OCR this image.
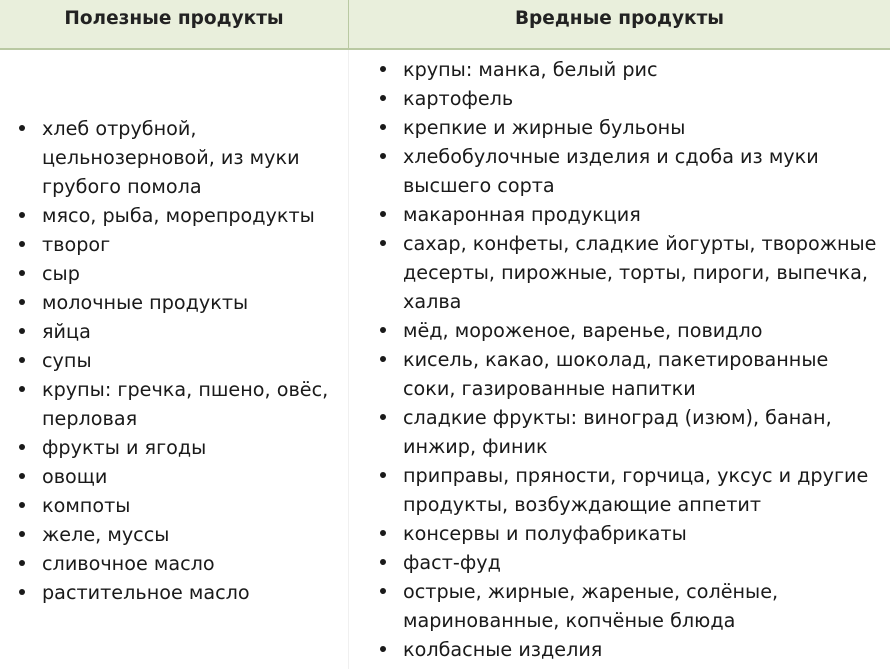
Полезные продукты	Вредные продукты
хлеб отрубной, цельнозерновой, из муки грубого помола
мясо, рыба, морепродукты
творог
сыр
молочные продукты
яйца
супы
крупы: гречка, пшено, овёс, перловая
фрукты и ягоды
овощи
компоты
желе, муссы
сливочное масло
растительное масло
крупы: манка, белый рис
картофель
крепкие и жирные бульоны
хлебобулочные изделия и сдоба из муки высшего сорта
макаронная продукция
сахар, конфеты, сладкие йогурты, творожные десерты, пирожные, торты, пироги, выпечка, халва
мёд, мороженое, варенье, повидло
кисель, какао, шоколад, пакетированные соки, газированные напитки
сладкие фрукты: виноград (изюм), банан, инжир, финик
приправы, пряности, горчица, уксус и другие продукты, возбуждающие аппетит
консервы и полуфабрикаты
фаст-фуд
острые, жирные, жареные, солёные, маринованные, копчёные блюда
колбасные изделия
